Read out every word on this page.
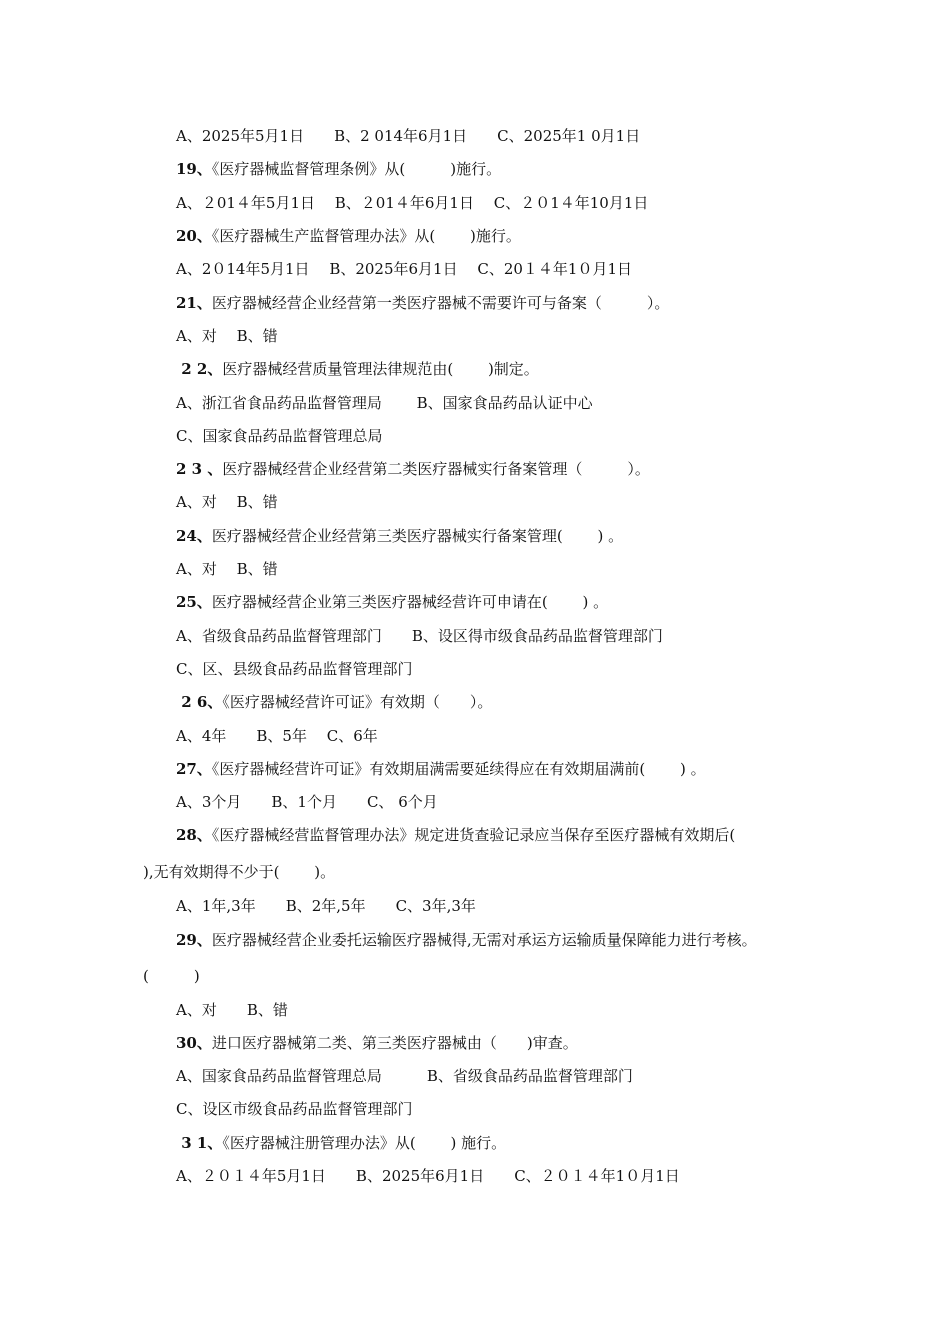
A、2025年5月1日　　B、2 014年6月1日　　C、2025年1 0月1日
19、《医疗器械监督管理条例》从(　　　)施行。
A、２01４年5月1日　 B、２01４年6月1日　 C、２０1４年10月1日
20、《医疗器械生产监督管理办法》从(　　 )施行。
A、2０14年5月1日　 B、2025年6月1日　 C、20１４年1０月1日
21、医疗器械经营企业经营第一类医疗器械不需要许可与备案（　　　）。
A、对　 B、错
2 2、医疗器械经营质量管理法律规范由(　　 )制定。
A、浙江省食品药品监督管理局　　 B、国家食品药品认证中心
C、国家食品药品监督管理总局
2 3 、医疗器械经营企业经营第二类医疗器械实行备案管理（　　　）。
A、对　 B、错
24、医疗器械经营企业经营第三类医疗器械实行备案管理(　　 ) 。
A、对　 B、错
25、医疗器械经营企业第三类医疗器械经营许可申请在(　　 ) 。
A、省级食品药品监督管理部门　　B、设区得市级食品药品监督管理部门
C、区、县级食品药品监督管理部门
2 6、《医疗器械经营许可证》有效期（　　）。
A、4年　　B、5年　 C、6年
27、《医疗器械经营许可证》有效期届满需要延续得应在有效期届满前(　　 ) 。
A、3个月　　B、1个月　　C、 6个月
28、《医疗器械经营监督管理办法》规定进货查验记录应当保存至医疗器械有效期后(
),无有效期得不少于(　　 )。
A、1年,3年　　B、2年,5年　　C、3年,3年
29、医疗器械经营企业委托运输医疗器械得,无需对承运方运输质量保障能力进行考核。
(　　　)
A、对　　B、错
30、进口医疗器械第二类、第三类医疗器械由（　　)审查。
A、国家食品药品监督管理总局　　　B、省级食品药品监督管理部门
C、设区市级食品药品监督管理部门
3 1、《医疗器械注册管理办法》从(　　 ) 施行。
A、２０１４年5月1日　　B、2025年6月1日　　C、２０１４年1０月1日
